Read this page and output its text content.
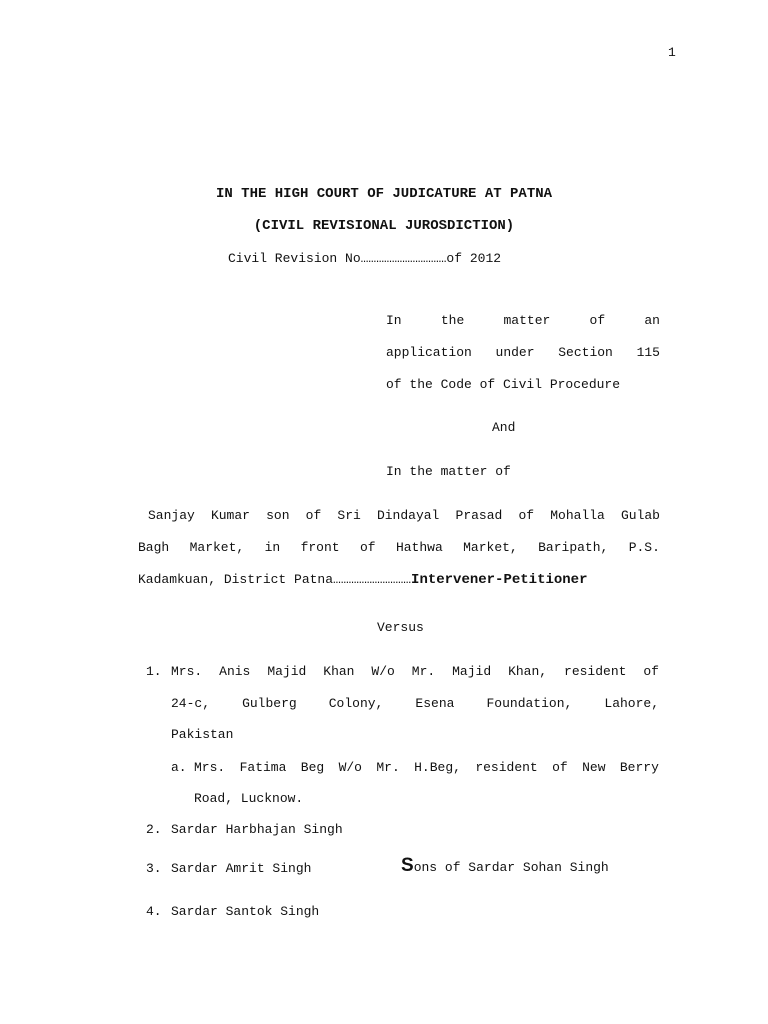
1
IN THE HIGH COURT OF JUDICATURE AT PATNA
(CIVIL REVISIONAL JUROSDICTION)
Civil Revision No……………………………of 2012
In	the	matter	of	an
application under Section 115
of the Code of Civil Procedure
And
In the matter of
Sanjay Kumar son of Sri Dindayal Prasad of Mohalla Gulab
Bagh Market, in front of Hathwa Market, Baripath, P.S.
Kadamkuan, District Patna…………………………Intervener-Petitioner
Versus
1. Mrs. Anis Majid Khan W/o Mr. Majid Khan, resident of
24-c, Gulberg Colony, Esena Foundation, Lahore,
Pakistan
a. Mrs. Fatima Beg W/o Mr. H.Beg, resident of New Berry
Road, Lucknow.
2. Sardar Harbhajan Singh
3. Sardar Amrit Singh	Sons of Sardar Sohan Singh
4. Sardar Santok Singh
